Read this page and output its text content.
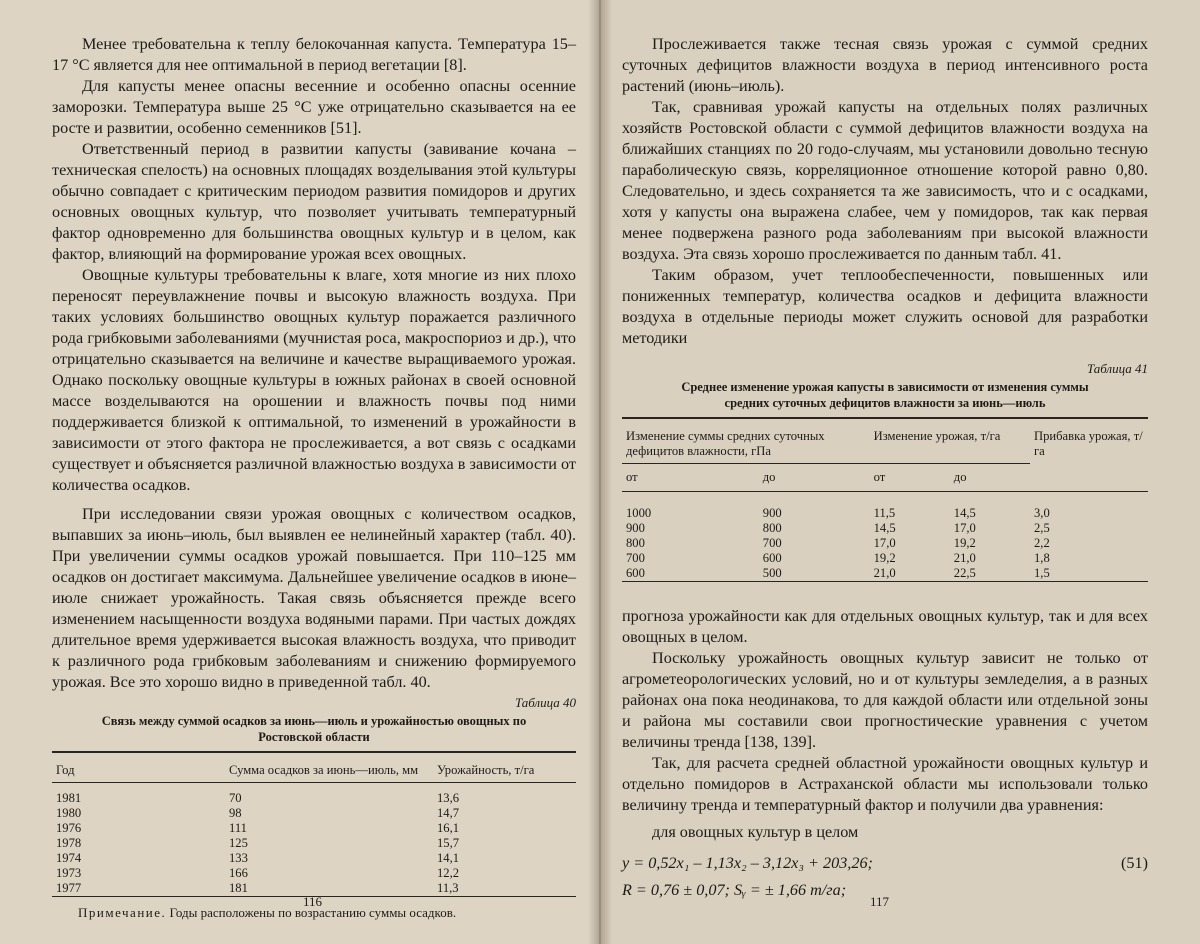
Менее требовательна к теплу белокочанная капуста. Температура 15–17 °С является для нее оптимальной в период вегетации [8].

Для капусты менее опасны весенние и особенно опасны осенние заморозки. Температура выше 25 °С уже отрицательно сказывается на ее росте и развитии, особенно семенников [51].

Ответственный период в развитии капусты (завивание кочана – техническая спелость) на основных площадях возделывания этой культуры обычно совпадает с критическим периодом развития помидоров и других основных овощных культур, что позволяет учитывать температурный фактор одновременно для большинства овощных культур и в целом, как фактор, влияющий на формирование урожая всех овощных.

Овощные культуры требовательны к влаге, хотя многие из них плохо переносят переувлажнение почвы и высокую влажность воздуха. При таких условиях большинство овощных культур поражается различного рода грибковыми заболеваниями (мучнистая роса, макроспориоз и др.), что отрицательно сказывается на величине и качестве выращиваемого урожая. Однако поскольку овощные культуры в южных районах в своей основной массе возделываются на орошении и влажность почвы под ними поддерживается близкой к оптимальной, то изменений в урожайности в зависимости от этого фактора не прослеживается, а вот связь с осадками существует и объясняется различной влажностью воздуха в зависимости от количества осадков.

При исследовании связи урожая овощных с количеством осадков, выпавших за июнь–июль, был выявлен ее нелинейный характер (табл. 40). При увеличении суммы осадков урожай повышается. При 110–125 мм осадков он достигает максимума. Дальнейшее увеличение осадков в июне–июле снижает урожайность. Такая связь объясняется прежде всего изменением насыщенности воздуха водяными парами. При частых дождях длительное время удерживается высокая влажность воздуха, что приводит к различного рода грибковым заболеваниям и снижению формируемого урожая. Все это хорошо видно в приведенной табл. 40.

Таблица 40
Связь между суммой осадков за июнь—июль и урожайностью овощных по Ростовской области
Год	Сумма осадков за июнь—июль, мм	Урожайность, т/га

1981	70	13,6
1980	98	14,7
1976	111	16,1
1978	125	15,7
1974	133	14,1
1973	166	12,2
1977	181	11,3

Примечание. Годы расположены по возрастанию суммы осадков.
116

Прослеживается также тесная связь урожая с суммой средних суточных дефицитов влажности воздуха в период интенсивного роста растений (июнь–июль).

Так, сравнивая урожай капусты на отдельных полях различных хозяйств Ростовской области с суммой дефицитов влажности воздуха на ближайших станциях по 20 годо-случаям, мы установили довольно тесную параболическую связь, корреляционное отношение которой равно 0,80. Следовательно, и здесь сохраняется та же зависимость, что и с осадками, хотя у капусты она выражена слабее, чем у помидоров, так как первая менее подвержена разного рода заболеваниям при высокой влажности воздуха. Эта связь хорошо прослеживается по данным табл. 41.

Таким образом, учет теплообеспеченности, повышенных или пониженных температур, количества осадков и дефицита влажности воздуха в отдельные периоды может служить основой для разработки методики

Таблица 41
Среднее изменение урожая капусты в зависимости от изменения суммы средних суточных дефицитов влажности за июнь—июль
Изменение суммы средних суточных дефицитов влажности, гПа		Изменение урожая, т/га		Прибавка урожая, т/га

от	до	от	до	

1000	900	11,5	14,5	3,0
900	800	14,5	17,0	2,5
800	700	17,0	19,2	2,2
700	600	19,2	21,0	1,8
600	500	21,0	22,5	1,5

прогноза урожайности как для отдельных овощных культур, так и для всех овощных в целом.

Поскольку урожайность овощных культур зависит не только от агрометеорологических условий, но и от культуры земледелия, а в разных районах она пока неодинакова, то для каждой области или отдельной зоны и района мы составили свои прогностические уравнения с учетом величины тренда [138, 139].

Так, для расчета средней областной урожайности овощных культур и отдельно помидоров в Астраханской области мы использовали только величину тренда и температурный фактор и получили два уравнения:

для овощных культур в целом

y = 0,52x₁ – 1,13x₂ – 3,12x₃ + 203,26;	(51)
R = 0,76 ± 0,07; Sᵧ = ± 1,66 т/га;
117
